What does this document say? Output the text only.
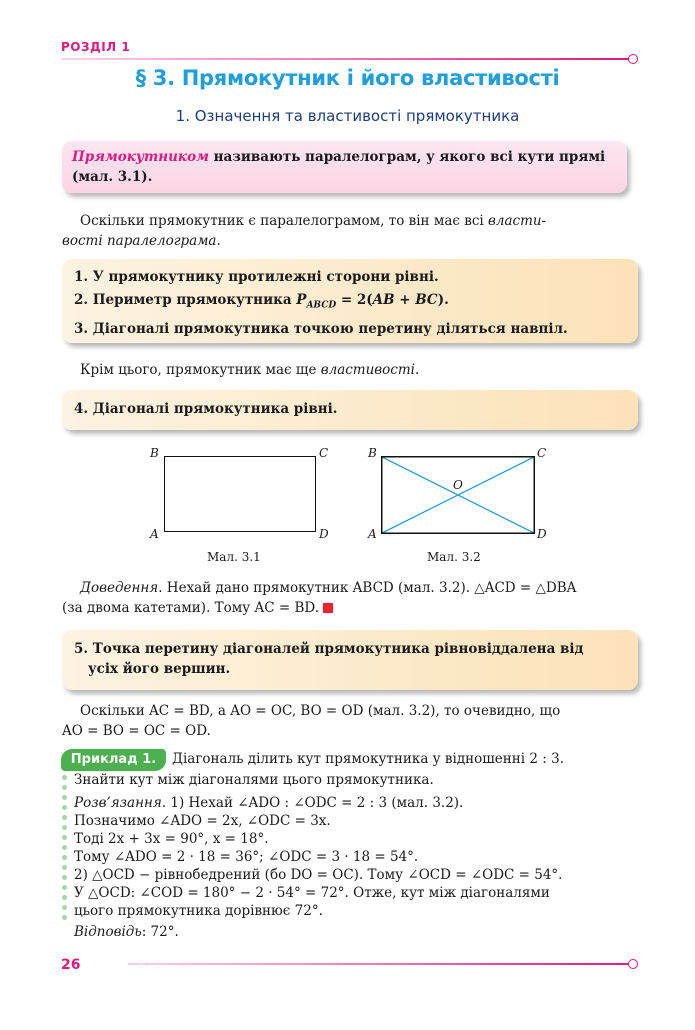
РОЗДІЛ 1
§ 3. Прямокутник і його властивості
1. Означення та властивості прямокутника
Прямокутником називають паралелограм, у якого всі кути прямі
(мал. 3.1).
Оскільки прямокутник є паралелограмом, то він має всі власти-
вості паралелограма.
1. У прямокутнику протилежні сторони рівні.
2. Периметр прямокутника $P_{ABCD} = 2(AB + BC)$.
3. Діагоналі прямокутника точкою перетину діляться навпіл.
Крім цього, прямокутник має ще властивості.
4. Діагоналі прямокутника рівні.
B	C
A	D
Мал. 3.1
B	C
A	D
O
Мал. 3.2
Доведення. Нехай дано прямокутник ABCD (мал. 3.2). △ACD = △DBA
(за двома катетами). Тому AC = BD.
5. Точка перетину діагоналей прямокутника рівновіддалена від
усіх його вершин.
Оскільки AC = BD, а AO = OC, BO = OD (мал. 3.2), то очевидно, що
AO = BO = OC = OD.
Приклад 1.	Діагональ ділить кут прямокутника у відношенні 2 : 3.
Знайти кут між діагоналями цього прямокутника.
Розв’язання. 1) Нехай ∠ADO : ∠ODC = 2 : 3 (мал. 3.2).
Позначимо ∠ADO = 2x, ∠ODC = 3x.
Тоді 2x + 3x = 90°, x = 18°.
Тому ∠ADO = 2 · 18 = 36°; ∠ODC = 3 · 18 = 54°.
2) △OCD − рівнобедрений (бо DO = OC). Тому ∠OCD = ∠ODC = 54°.
У △OCD: ∠COD = 180° − 2 · 54° = 72°. Отже, кут між діагоналями
цього прямокутника дорівнює 72°.
Відповідь: 72°.
26
